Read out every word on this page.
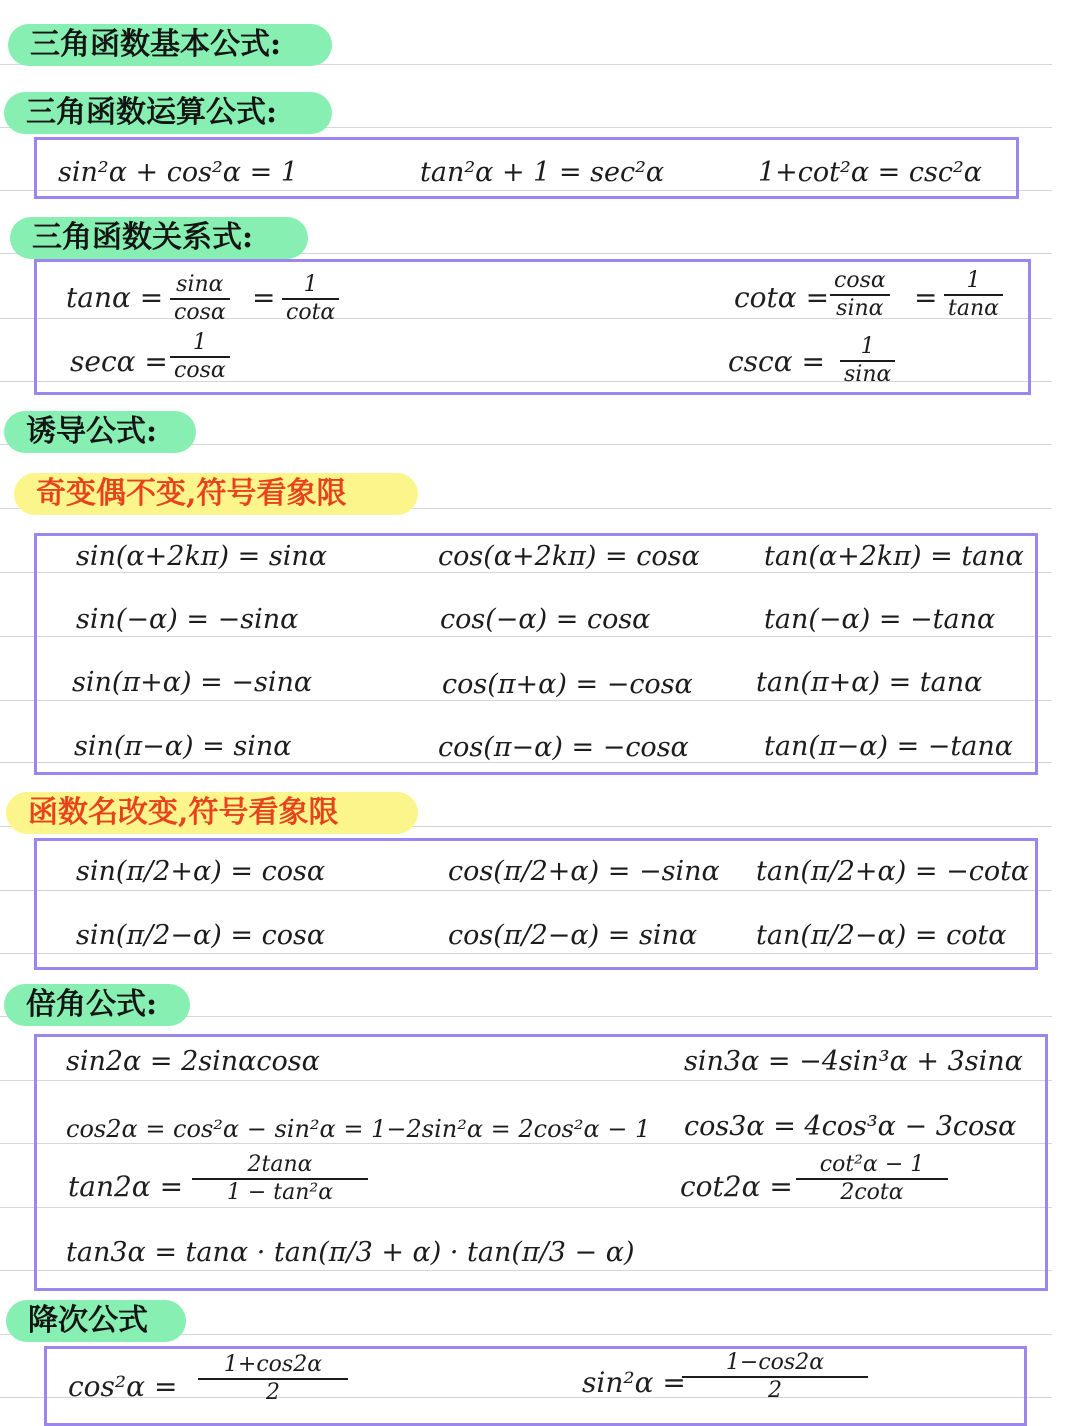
三角函数基本公式:
三角函数运算公式:
sin²α + cos²α = 1	tan²α + 1 = sec²α	1+cot²α = csc²α
三角函数关系式:
$\tan\alpha = \frac{\sin\alpha}{\cos\alpha} = \frac{1}{\cot\alpha}$	$\cot\alpha = \frac{\cos\alpha}{\sin\alpha} = \frac{1}{\tan\alpha}$
$\sec\alpha = \frac{1}{\cos\alpha}$	$\csc\alpha = \frac{1}{\sin\alpha}$
诱导公式:
奇变偶不变,符号看象限
sin(α+2kπ) = sinα	cos(α+2kπ) = cosα tan(α+2kπ) = tanα
sin(−α) = −sinα	cos(−α) = cosα	tan(−α) = −tanα
sin(π+α) = −sinα	cos(π+α) = −cosα tan(π+α) = tanα
sin(π−α) = sinα	cos(π−α) = −cosα	tan(π−α) = −tanα
函数名改变,符号看象限
sin(π/2+α) = cosα	cos(π/2+α) = −sinα tan(π/2+α) = −cotα
sin(π/2−α) = cosα	cos(π/2−α) = sinα tan(π/2−α) = cotα
倍角公式:
sin2α = 2sinαcosα	sin3α = −4sin³α + 3sinα
cos2α = cos²α − sin²α = 1−2sin²α = 2cos²α − 1 cos3α = 4cos³α − 3cosα
$\tan 2\alpha = \frac{2\tan\alpha}{\text{1 − tan²α}}$	$\cot 2\alpha = \frac{\text{cot²α − 1}}{2\cot\alpha}$
tan3α = tanα · tan(π/3 + α) · tan(π/3 − α)
降次公式
$\cos^2\alpha = \frac{1+\cos 2\alpha}{2}$	sin²α =
$\frac{1-\cos 2\alpha}{2}$
